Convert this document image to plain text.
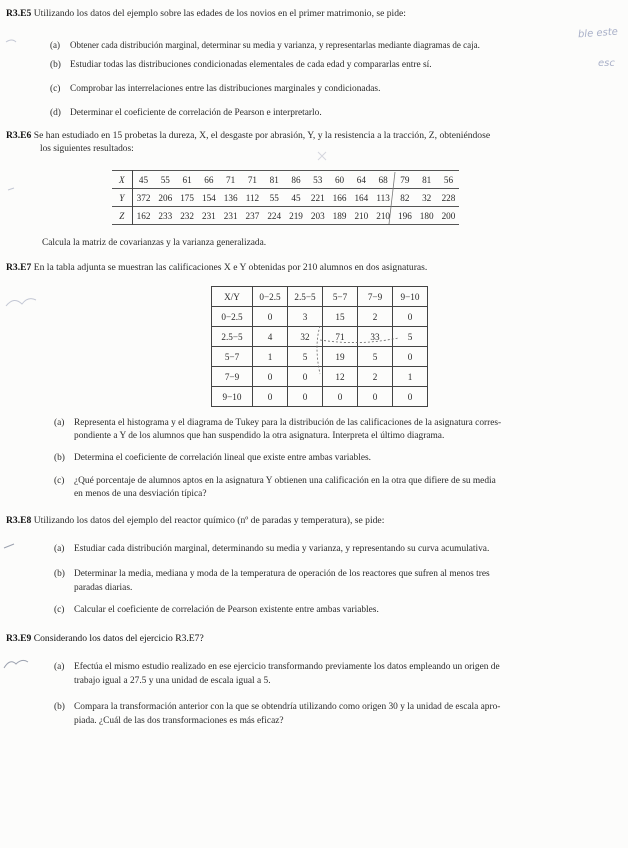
R3.E5 Utilizando los datos del ejemplo sobre las edades de los novios en el primer matrimonio, se pide:
(a) Obtener cada distribución marginal, determinar su media y varianza, y representarlas mediante diagramas de caja.
(b) Estudiar todas las distribuciones condicionadas elementales de cada edad y compararlas entre sí.
(c) Comprobar las interrelaciones entre las distribuciones marginales y condicionadas.
(d) Determinar el coeficiente de correlación de Pearson e interpretarlo.
R3.E6 Se han estudiado en 15 probetas la dureza, X, el desgaste por abrasión, Y, y la resistencia a la tracción, Z, obteniéndose
los siguientes resultados:
X	45	55	61	66	71	71	81	86	53	60	64	68	79	81	56
Y	372	206	175	154	136	112	55	45	221	166	164	113	82	32	228
Z	162	233	232	231	231	237	224	219	203	189	210	210	196	180	200
Calcula la matriz de covarianzas y la varianza generalizada.
R3.E7 En la tabla adjunta se muestran las calificaciones X e Y obtenidas por 210 alumnos en dos asignaturas.
X/Y	0−2.5	2.5−5	5−7	7−9	9−10
0−2.5	0	3	15	2	0
2.5−5	4	32	71	33	5
5−7	1	5	19	5	0
7−9	0	0	12	2	1
9−10	0	0	0	0	0
(a) Representa el histograma y el diagrama de Tukey para la distribución de las calificaciones de la asignatura corres-
pondiente a Y de los alumnos que han suspendido la otra asignatura. Interpreta el último diagrama.
(b) Determina el coeficiente de correlación lineal que existe entre ambas variables.
(c) ¿Qué porcentaje de alumnos aptos en la asignatura Y obtienen una calificación en la otra que difiere de su media
en menos de una desviación típica?
R3.E8 Utilizando los datos del ejemplo del reactor químico (nº de paradas y temperatura), se pide:
(a) Estudiar cada distribución marginal, determinando su media y varianza, y representando su curva acumulativa.
(b) Determinar la media, mediana y moda de la temperatura de operación de los reactores que sufren al menos tres
paradas diarias.
(c) Calcular el coeficiente de correlación de Pearson existente entre ambas variables.
R3.E9 Considerando los datos del ejercicio R3.E7?
(a) Efectúa el mismo estudio realizado en ese ejercicio transformando previamente los datos empleando un origen de
trabajo igual a 27.5 y una unidad de escala igual a 5.
(b) Compara la transformación anterior con la que se obtendría utilizando como origen 30 y la unidad de escala apro-
piada. ¿Cuál de las dos transformaciones es más eficaz?
ble este
esc
